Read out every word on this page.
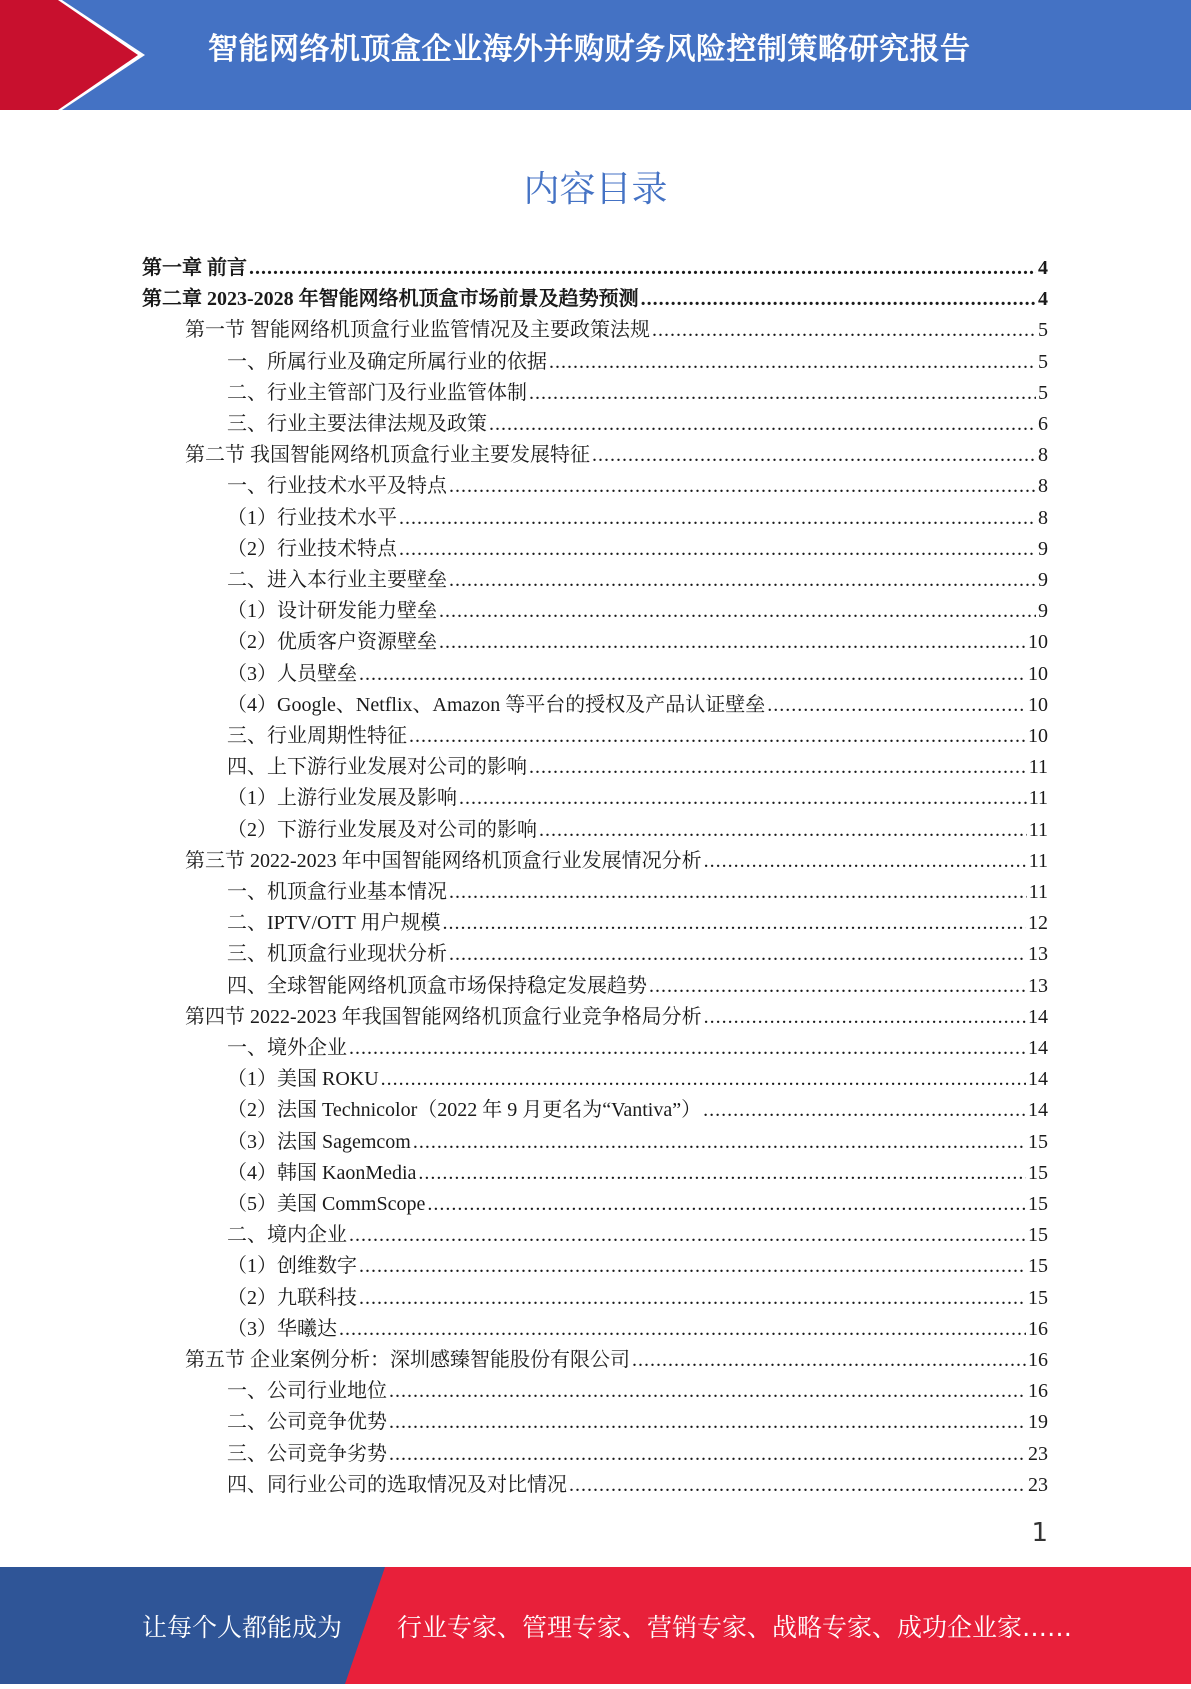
智能网络机顶盒企业海外并购财务风险控制策略研究报告
内容目录
第一章 前言 .....	4
第二章 2023-2028 年智能网络机顶盒市场前景及趋势预测 .....	4
第一节 智能网络机顶盒行业监管情况及主要政策法规 .....	5
一、所属行业及确定所属行业的依据 .....	5
二、行业主管部门及行业监管体制 .....	5
三、行业主要法律法规及政策 .....	6
第二节 我国智能网络机顶盒行业主要发展特征 .....	8
一、行业技术水平及特点 .....	8
（1）行业技术水平 .....	8
（2）行业技术特点 .....	9
二、进入本行业主要壁垒 .....	9
（1）设计研发能力壁垒 .....	9
（2）优质客户资源壁垒 .....	10
（3）人员壁垒 .....	10
（4）Google、Netflix、Amazon 等平台的授权及产品认证壁垒 .....	10
三、行业周期性特征 .....	10
四、上下游行业发展对公司的影响 .....	11
（1）上游行业发展及影响 .....	11
（2）下游行业发展及对公司的影响 .....	11
第三节 2022-2023 年中国智能网络机顶盒行业发展情况分析 .....	11
一、机顶盒行业基本情况 .....	11
二、IPTV/OTT 用户规模 .....	12
三、机顶盒行业现状分析 .....	13
四、全球智能网络机顶盒市场保持稳定发展趋势 .....	13
第四节 2022-2023 年我国智能网络机顶盒行业竞争格局分析 .....	14
一、境外企业 .....	14
（1）美国 ROKU .....	14
（2）法国 Technicolor（2022 年 9 月更名为“Vantiva”） .....	14
（3）法国 Sagemcom .....	15
（4）韩国 KaonMedia .....	15
（5）美国 CommScope .....	15
二、境内企业 .....	15
（1）创维数字 .....	15
（2）九联科技 .....	15
（3）华曦达 .....	16
第五节 企业案例分析：深圳感臻智能股份有限公司 .....	16
一、公司行业地位 .....	16
二、公司竞争优势 .....	19
三、公司竞争劣势 .....	23
四、同行业公司的选取情况及对比情况 .....	23
1
让每个人都能成为 行业专家、管理专家、营销专家、战略专家、成功企业家……
